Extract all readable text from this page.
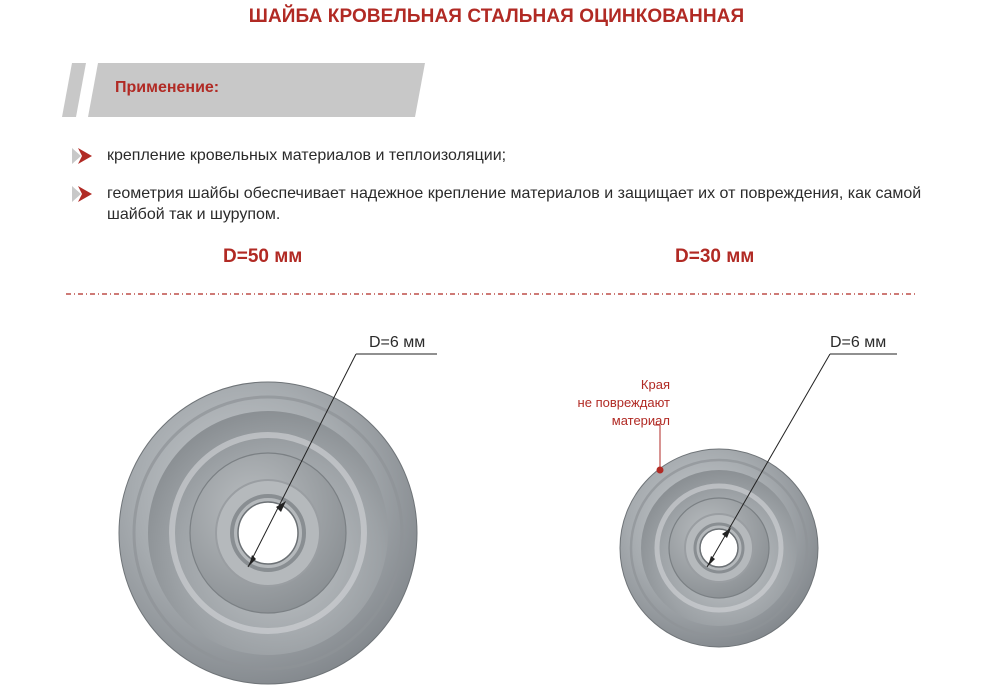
ШАЙБА КРОВЕЛЬНАЯ СТАЛЬНАЯ ОЦИНКОВАННАЯ
Применение:
крепление кровельных материалов и теплоизоляции;
геометрия шайбы обеспечивает надежное крепление материалов и защищает их от повреждения, как самой шайбой так и шурупом.
D=50 мм	D=30 мм
D=6 мм	D=6 мм
Края
не повреждают
материал
